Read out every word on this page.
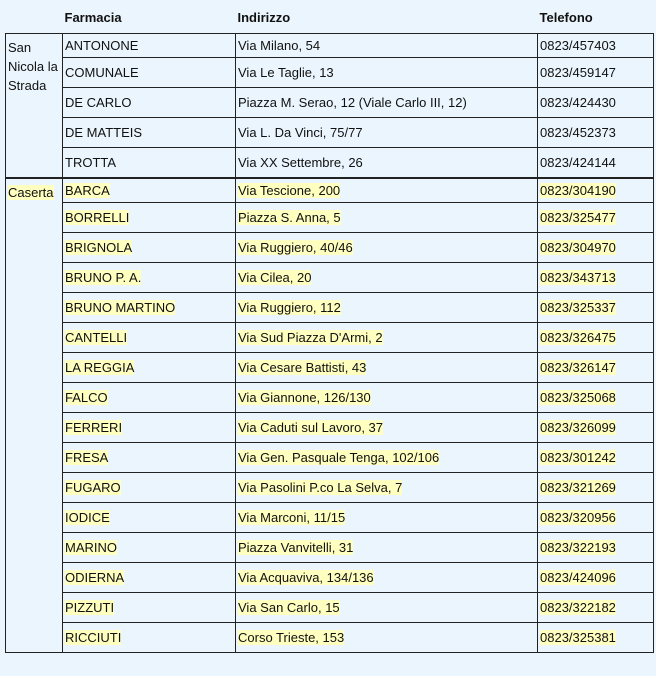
	Farmacia	Indirizzo	Telefono
San Nicola la Strada	ANTONONE	Via Milano, 54	0823/457403
	COMUNALE	Via Le Taglie, 13	0823/459147
	DE CARLO	Piazza M. Serao, 12 (Viale Carlo III, 12)	0823/424430
	DE MATTEIS	Via L. Da Vinci, 75/77	0823/452373
	TROTTA	Via XX Settembre, 26	0823/424144
Caserta	BARCA	Via Tescione, 200	0823/304190
	BORRELLI	Piazza S. Anna, 5	0823/325477
	BRIGNOLA	Via Ruggiero, 40/46	0823/304970
	BRUNO P. A.	Via Cilea, 20	0823/343713
	BRUNO MARTINO	Via Ruggiero, 112	0823/325337
	CANTELLI	Via Sud Piazza D'Armi, 2	0823/326475
	LA REGGIA	Via Cesare Battisti, 43	0823/326147
	FALCO	Via Giannone, 126/130	0823/325068
	FERRERI	Via Caduti sul Lavoro, 37	0823/326099
	FRESA	Via Gen. Pasquale Tenga, 102/106	0823/301242
	FUGARO	Via Pasolini P.co La Selva, 7	0823/321269
	IODICE	Via Marconi, 11/15	0823/320956
	MARINO	Piazza Vanvitelli, 31	0823/322193
	ODIERNA	Via Acquaviva, 134/136	0823/424096
	PIZZUTI	Via San Carlo, 15	0823/322182
	RICCIUTI	Corso Trieste, 153	0823/325381
